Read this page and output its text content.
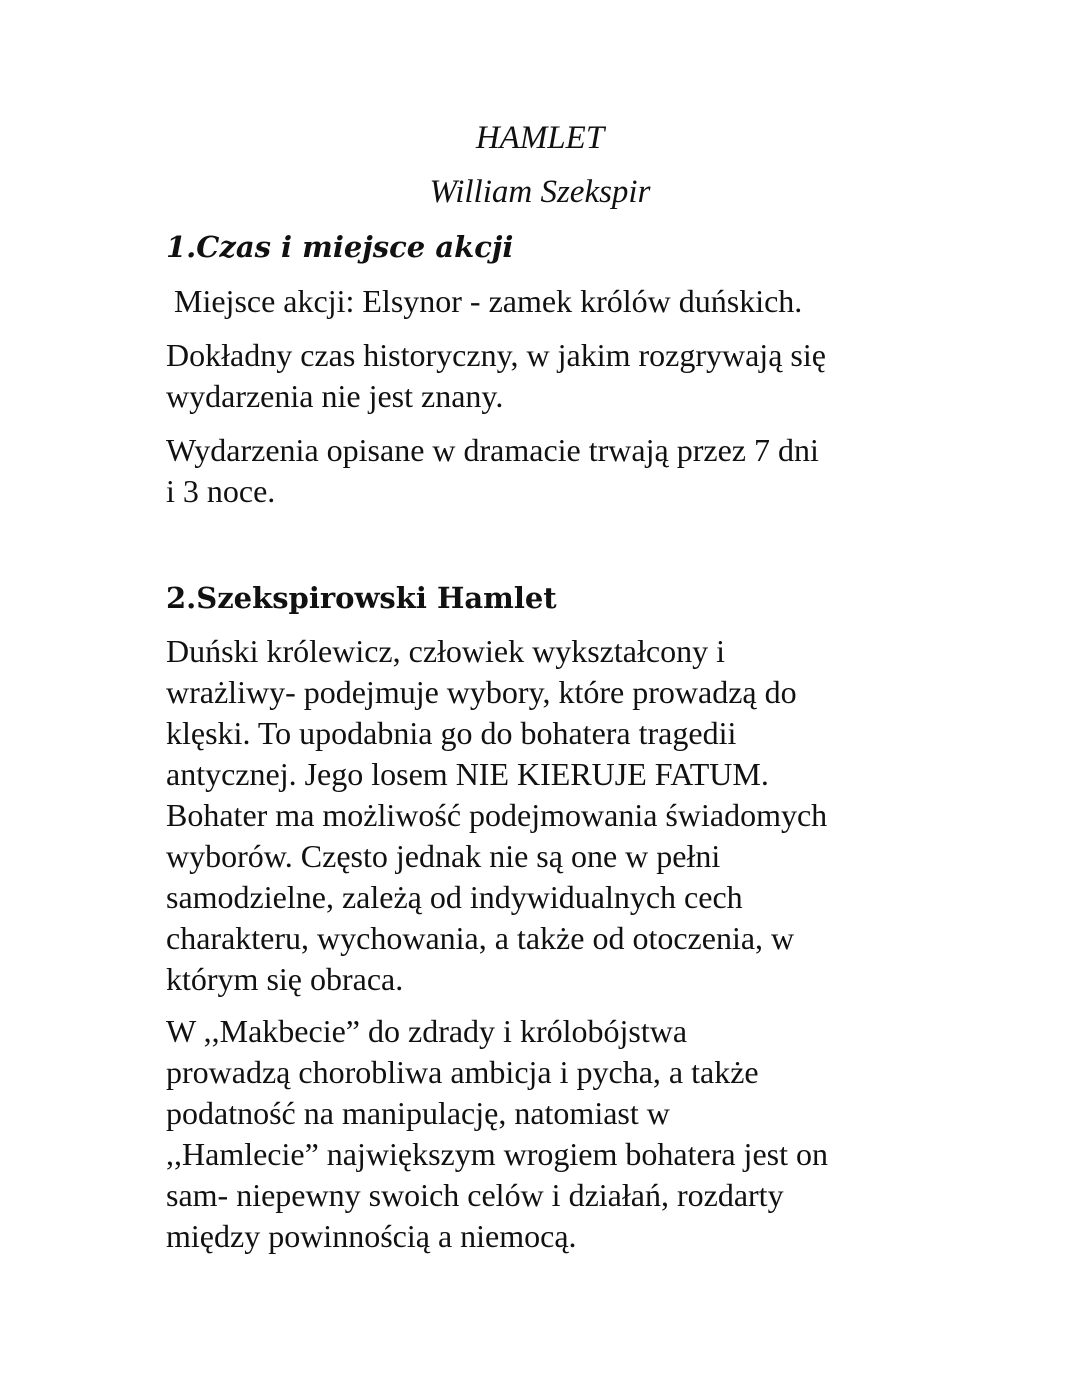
HAMLET
William Szekspir
1.Czas i miejsce akcji

Miejsce akcji: Elsynor - zamek królów duńskich.

Dokładny czas historyczny, w jakim rozgrywają się
wydarzenia nie jest znany.

Wydarzenia opisane w dramacie trwają przez 7 dni
i 3 noce.

2.Szekspirowski Hamlet

Duński królewicz, człowiek wykształcony i
wrażliwy- podejmuje wybory, które prowadzą do
klęski. To upodabnia go do bohatera tragedii
antycznej. Jego losem NIE KIERUJE FATUM.
Bohater ma możliwość podejmowania świadomych
wyborów. Często jednak nie są one w pełni
samodzielne, zależą od indywidualnych cech
charakteru, wychowania, a także od otoczenia, w
którym się obraca.

W ,,Makbecie” do zdrady i królobójstwa
prowadzą chorobliwa ambicja i pycha, a także
podatność na manipulację, natomiast w
,,Hamlecie” największym wrogiem bohatera jest on
sam- niepewny swoich celów i działań, rozdarty
między powinnością a niemocą.
